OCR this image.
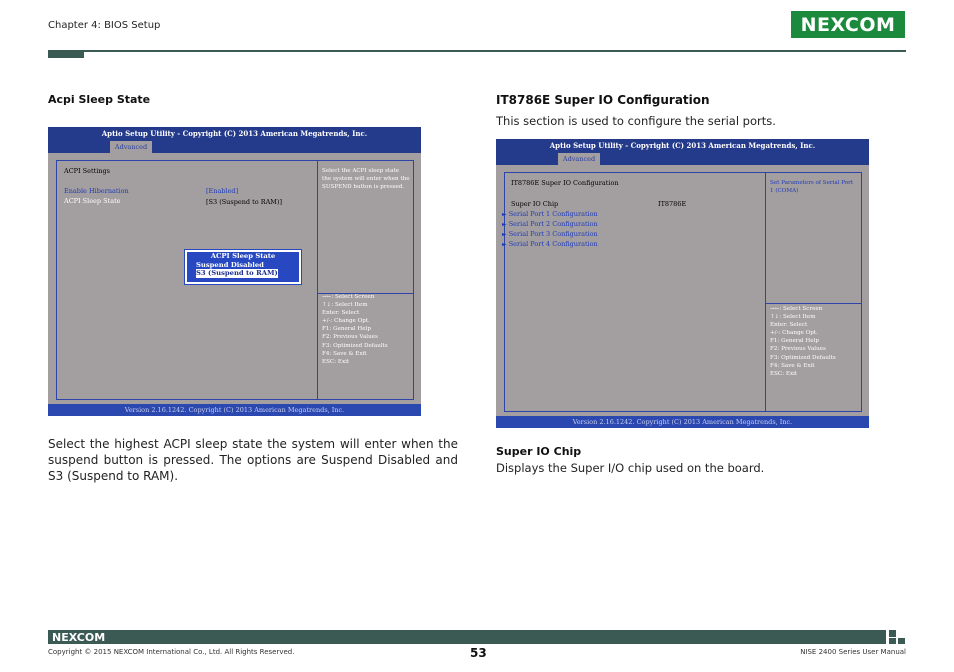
Chapter 4: BIOS Setup	NEXCOM
Acpi Sleep State
Aptio Setup Utility - Copyright (C) 2013 American Megatrends, Inc.
Advanced
ACPI Settings
Enable Hibernation	[Enabled]
ACPI Sleep State	[S3 (Suspend to RAM)]
Select the ACPI sleep state
the system will enter when the
SUSPEND button is pressed.
→←: Select Screen
↑↓: Select Item
Enter: Select
+/-: Change Opt.
F1: General Help
F2: Previous Values
F3: Optimized Defaults
F4: Save & Exit
ESC: Exit
ACPI Sleep State
Suspend Disabled
S3 (Suspend to RAM)
Version 2.16.1242. Copyright (C) 2013 American Megatrends, Inc.
Select the highest ACPI sleep state the system will enter when the suspend button is pressed. The options are Suspend Disabled and S3 (Suspend to RAM).
IT8786E Super IO Configuration
This section is used to configure the serial ports.
Aptio Setup Utility - Copyright (C) 2013 American Megatrends, Inc.
Advanced
IT8786E Super IO Configuration
Super IO Chip	IT8786E
► Serial Port 1 Configuration
► Serial Port 2 Configuration
► Serial Port 3 Configuration
► Serial Port 4 Configuration
Set Parameters of Serial Port
1 (COMA)
→←: Select Screen
↑↓: Select Item
Enter: Select
+/-: Change Opt.
F1: General Help
F2: Previous Values
F3: Optimized Defaults
F4: Save & Exit
ESC: Exit
Version 2.16.1242. Copyright (C) 2013 American Megatrends, Inc.
Super IO Chip
Displays the Super I/O chip used on the board.
NEXCOM
Copyright © 2015 NEXCOM International Co., Ltd. All Rights Reserved.	53	NISE 2400 Series User Manual
